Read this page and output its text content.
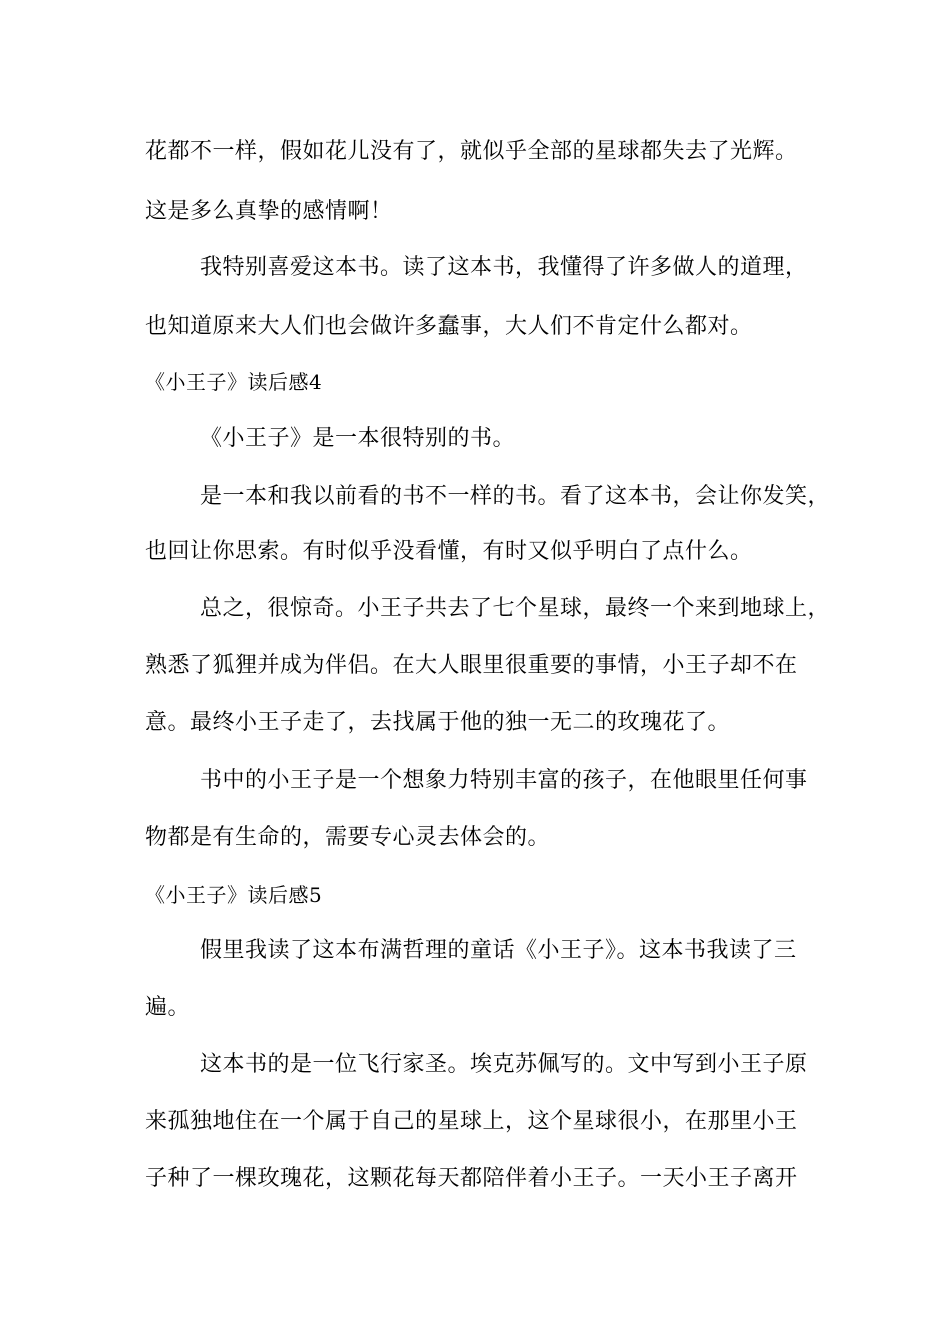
花都不一样，假如花儿没有了，就似乎全部的星球都失去了光辉。
这是多么真挚的感情啊！
我特别喜爱这本书。读了这本书，我懂得了许多做人的道理，
也知道原来大人们也会做许多蠢事，大人们不肯定什么都对。
《小王子》读后感4
《小王子》是一本很特别的书。
是一本和我以前看的书不一样的书。看了这本书，会让你发笑，
也回让你思索。有时似乎没看懂，有时又似乎明白了点什么。
总之，很惊奇。小王子共去了七个星球，最终一个来到地球上，
熟悉了狐狸并成为伴侣。在大人眼里很重要的事情，小王子却不在
意。最终小王子走了，去找属于他的独一无二的玫瑰花了。
书中的小王子是一个想象力特别丰富的孩子，在他眼里任何事
物都是有生命的，需要专心灵去体会的。
《小王子》读后感5
假里我读了这本布满哲理的童话《小王子》。这本书我读了三
遍。
这本书的是一位飞行家圣。埃克苏佩写的。文中写到小王子原
来孤独地住在一个属于自己的星球上，这个星球很小，在那里小王
子种了一棵玫瑰花，这颗花每天都陪伴着小王子。一天小王子离开
